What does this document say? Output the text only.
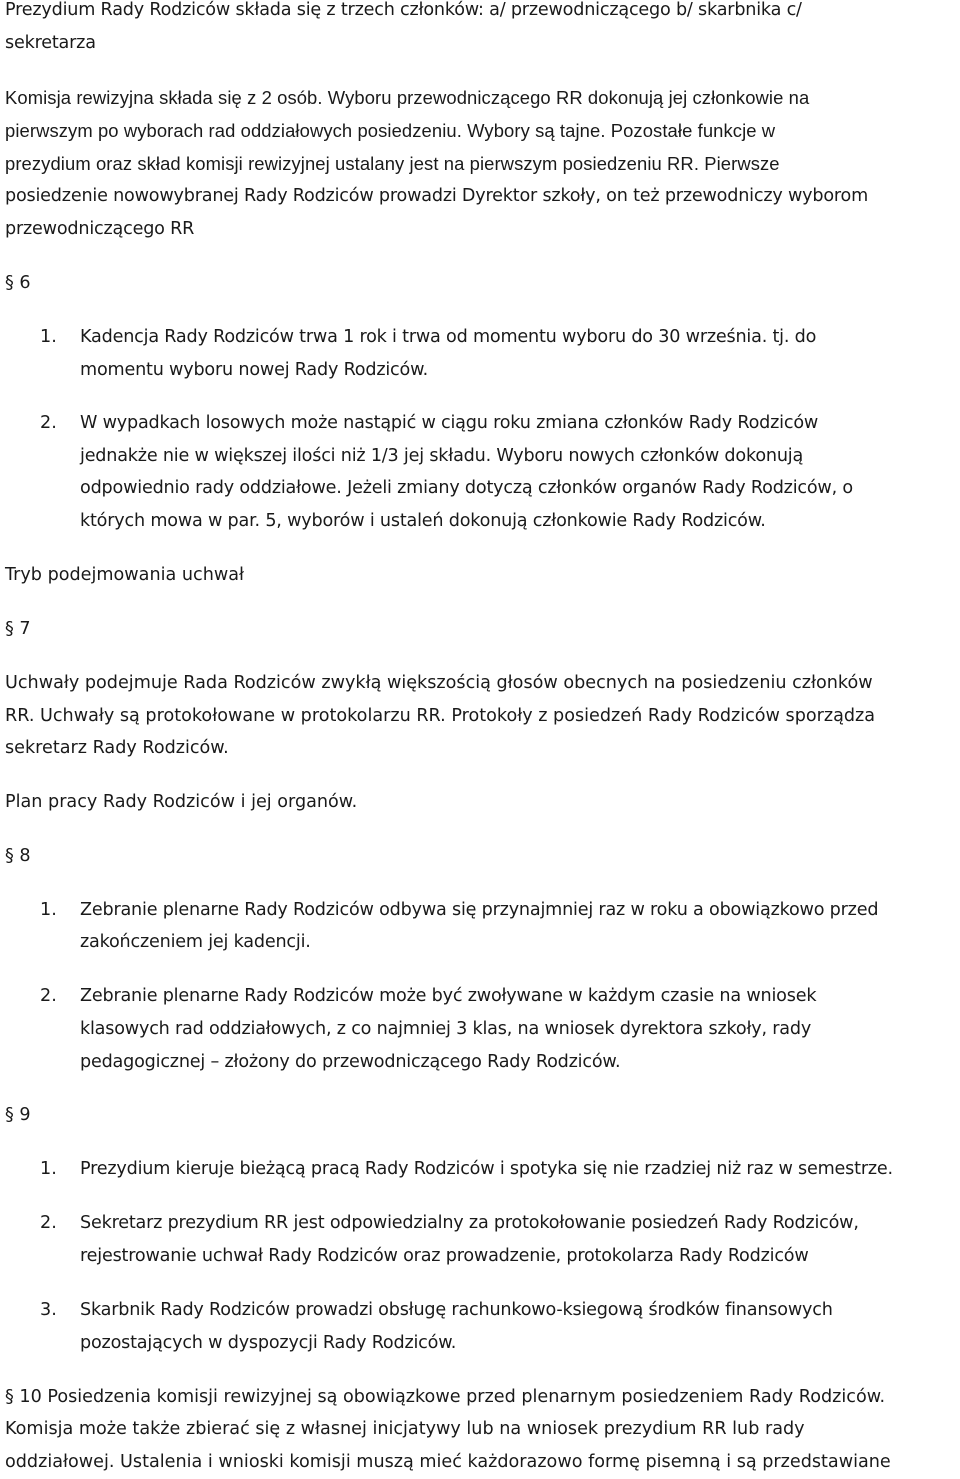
Prezydium Rady Rodziców składa się z trzech członków: a/ przewodniczącego b/ skarbnika c/
sekretarza
Komisja rewizyjna składa się z 2 osób. Wyboru przewodniczącego RR dokonują jej członkowie na
pierwszym po wyborach rad oddziałowych posiedzeniu. Wybory są tajne. Pozostałe funkcje w
prezydium oraz skład komisji rewizyjnej ustalany jest na pierwszym posiedzeniu RR. Pierwsze
posiedzenie nowowybranej Rady Rodziców prowadzi Dyrektor szkoły, on też przewodniczy wyborom
przewodniczącego RR
§ 6
1. Kadencja Rady Rodziców trwa 1 rok i trwa od momentu wyboru do 30 września. tj. do
momentu wyboru nowej Rady Rodziców.
2. W wypadkach losowych może nastąpić w ciągu roku zmiana członków Rady Rodziców
jednakże nie w większej ilości niż 1/3 jej składu. Wyboru nowych członków dokonują
odpowiednio rady oddziałowe. Jeżeli zmiany dotyczą członków organów Rady Rodziców, o
których mowa w par. 5, wyborów i ustaleń dokonują członkowie Rady Rodziców.
Tryb podejmowania uchwał
§ 7
Uchwały podejmuje Rada Rodziców zwykłą większością głosów obecnych na posiedzeniu członków
RR. Uchwały są protokołowane w protokolarzu RR. Protokoły z posiedzeń Rady Rodziców sporządza
sekretarz Rady Rodziców.
Plan pracy Rady Rodziców i jej organów.
§ 8
1. Zebranie plenarne Rady Rodziców odbywa się przynajmniej raz w roku a obowiązkowo przed
zakończeniem jej kadencji.
2. Zebranie plenarne Rady Rodziców może być zwoływane w każdym czasie na wniosek
klasowych rad oddziałowych, z co najmniej 3 klas, na wniosek dyrektora szkoły, rady
pedagogicznej – złożony do przewodniczącego Rady Rodziców.
§ 9
1. Prezydium kieruje bieżącą pracą Rady Rodziców i spotyka się nie rzadziej niż raz w semestrze.
2. Sekretarz prezydium RR jest odpowiedzialny za protokołowanie posiedzeń Rady Rodziców,
rejestrowanie uchwał Rady Rodziców oraz prowadzenie, protokolarza Rady Rodziców
3. Skarbnik Rady Rodziców prowadzi obsługę rachunkowo-ksiegową środków finansowych
pozostających w dyspozycji Rady Rodziców.
§ 10 Posiedzenia komisji rewizyjnej są obowiązkowe przed plenarnym posiedzeniem Rady Rodziców.
Komisja może także zbierać się z własnej inicjatywy lub na wniosek prezydium RR lub rady
oddziałowej. Ustalenia i wnioski komisji muszą mieć każdorazowo formę pisemną i są przedstawiane
